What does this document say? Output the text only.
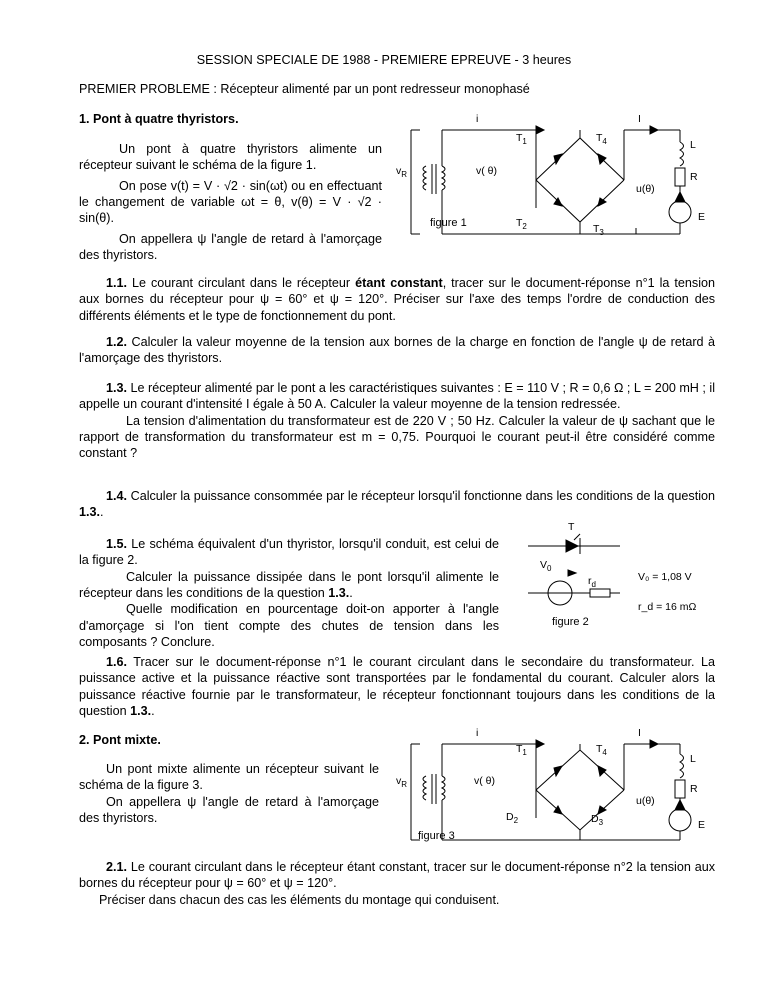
SESSION SPECIALE DE 1988 - PREMIERE EPREUVE - 3 heures
PREMIER PROBLEME : Récepteur alimenté par un pont redresseur monophasé
1. Pont à quatre thyristors.

Un pont à quatre thyristors alimente un récepteur suivant le schéma de la figure 1.

On pose v(t) = V · √2 · sin(ωt) ou en effectuant le changement de variable ωt = θ, v(θ) = V · √2 · sin(θ).

On appellera ψ l'angle de retard à l'amorçage des thyristors.

$v_R$	v( θ)
i	I
$T_1$	$T_4$
$T_2$	$T_3$
u(θ)
L
R
E
figure 1

1.1. Le courant circulant dans le récepteur étant constant, tracer sur le document-réponse n°1 la tension aux bornes du récepteur pour ψ = 60° et ψ = 120°. Préciser sur l'axe des temps l'ordre de conduction des différents éléments et le type de fonctionnement du pont.

1.2. Calculer la valeur moyenne de la tension aux bornes de la charge en fonction de l'angle ψ de retard à l'amorçage des thyristors.

1.3. Le récepteur alimenté par le pont a les caractéristiques suivantes : E = 110 V ; R = 0,6 Ω ; L = 200 mH ; il appelle un courant d'intensité I égale à 50 A. Calculer la valeur moyenne de la tension redressée.

La tension d'alimentation du transformateur est de 220 V ; 50 Hz. Calculer la valeur de ψ sachant que le rapport de transformation du transformateur est m = 0,75. Pourquoi le courant peut-il être considéré comme constant ?

1.4. Calculer la puissance consommée par le récepteur lorsqu'il fonctionne dans les conditions de la question 1.3..

1.5. Le schéma équivalent d'un thyristor, lorsqu'il conduit, est celui de la figure 2.

Calculer la puissance dissipée dans le pont lorsqu'il alimente le récepteur dans les conditions de la question 1.3..

Quelle modification en pourcentage doit-on apporter à l'angle d'amorçage si l'on tient compte des chutes de tension dans les composants ? Conclure.

T
$V_0$
$r_d$
V₀ = 1,08 V
r_d = 16 mΩ
figure 2

1.6. Tracer sur le document-réponse n°1 le courant circulant dans le secondaire du transformateur. La puissance active et la puissance réactive sont transportées par le fondamental du courant. Calculer alors la puissance réactive fournie par le transformateur, le récepteur fonctionnant toujours dans les conditions de la question 1.3..

2. Pont mixte.

Un pont mixte alimente un récepteur suivant le schéma de la figure 3.

On appellera ψ l'angle de retard à l'amorçage des thyristors.

$v_R$	v( θ)
i	I
$T_1$	$T_4$
$D_2$	$D_3$
u(θ)
L
R
E
figure 3

2.1. Le courant circulant dans le récepteur étant constant, tracer sur le document-réponse n°2 la tension aux bornes du récepteur pour ψ = 60° et ψ = 120°.

Préciser dans chacun des cas les éléments du montage qui conduisent.
